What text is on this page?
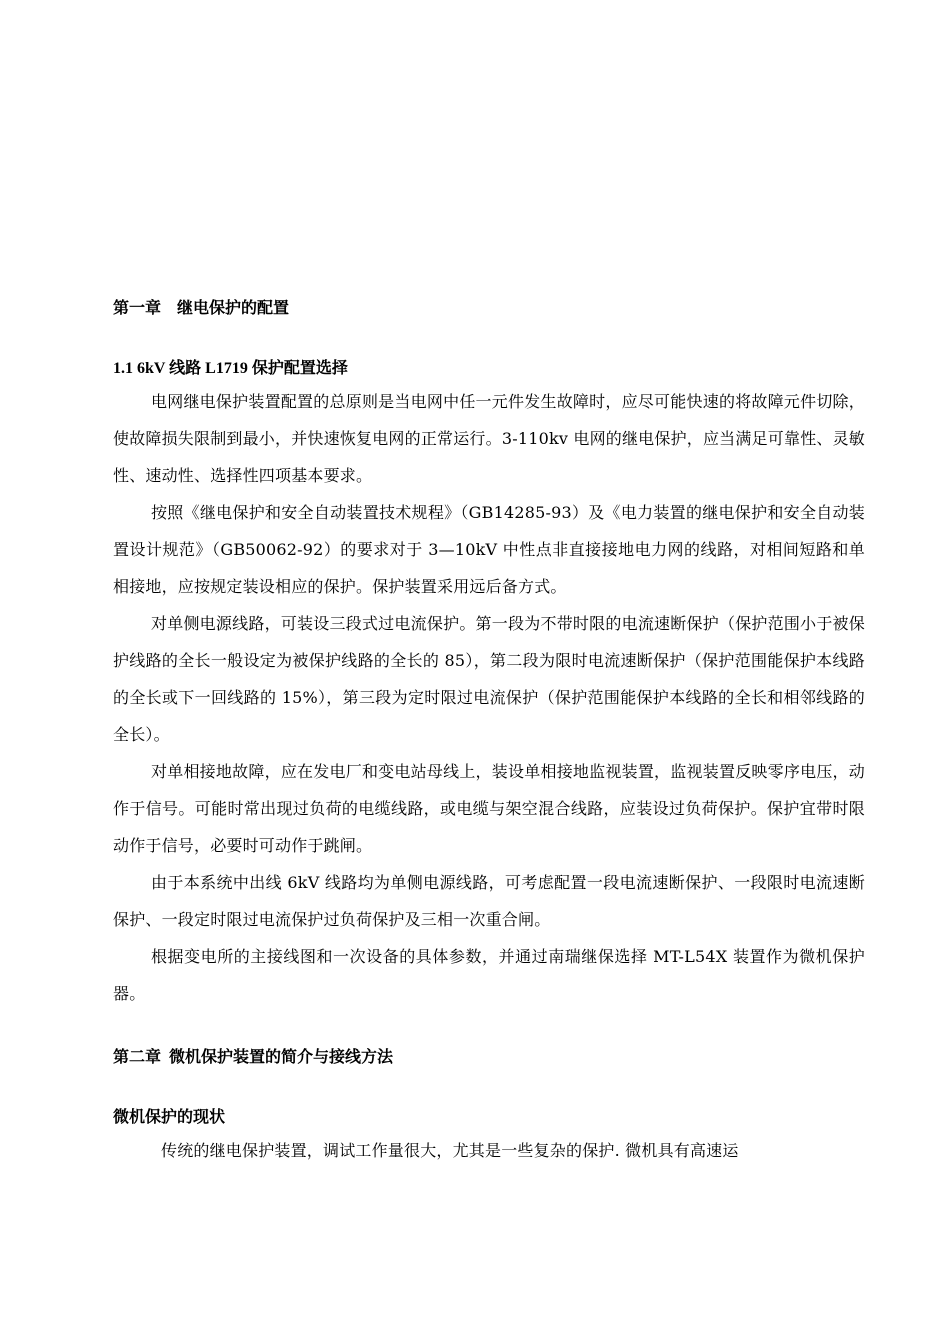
第一章　继电保护的配置
1.1 6kV 线路 L1719 保护配置选择
电网继电保护装置配置的总原则是当电网中任一元件发生故障时，应尽可能快速的将故障元件切除，使故障损失限制到最小，并快速恢复电网的正常运行。3-110kv 电网的继电保护，应当满足可靠性、灵敏性、速动性、选择性四项基本要求。
按照《继电保护和安全自动装置技术规程》（GB14285-93）及《电力装置的继电保护和安全自动装置设计规范》（GB50062-92）的要求对于 3—10kV 中性点非直接接地电力网的线路，对相间短路和单相接地，应按规定装设相应的保护。保护装置采用远后备方式。
对单侧电源线路，可装设三段式过电流保护。第一段为不带时限的电流速断保护（保护范围小于被保护线路的全长一般设定为被保护线路的全长的 85），第二段为限时电流速断保护（保护范围能保护本线路的全长或下一回线路的 15%），第三段为定时限过电流保护（保护范围能保护本线路的全长和相邻线路的全长）。
对单相接地故障，应在发电厂和变电站母线上，装设单相接地监视装置，监视装置反映零序电压，动作于信号。可能时常出现过负荷的电缆线路，或电缆与架空混合线路，应装设过负荷保护。保护宜带时限动作于信号，必要时可动作于跳闸。
由于本系统中出线 6kV 线路均为单侧电源线路，可考虑配置一段电流速断保护、一段限时电流速断保护、一段定时限过电流保护过负荷保护及三相一次重合闸。
根据变电所的主接线图和一次设备的具体参数，并通过南瑞继保选择 MT-L54X 装置作为微机保护器。
第二章  微机保护装置的简介与接线方法
微机保护的现状
传统的继电保护装置，调试工作量很大，尤其是一些复杂的保护. 微机具有高速运
